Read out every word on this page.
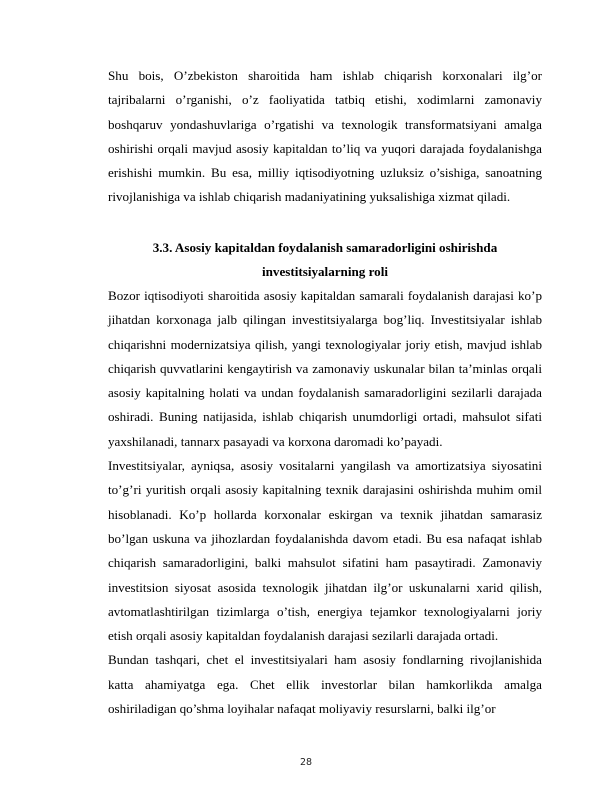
Shu bois, O’zbekiston sharoitida ham ishlab chiqarish korxonalari ilg’or tajribalarni o’rganishi, o’z faoliyatida tatbiq etishi, xodimlarni zamonaviy boshqaruv yondashuvlariga o’rgatishi va texnologik transformatsiyani amalga oshirishi orqali mavjud asosiy kapitaldan to’liq va yuqori darajada foydalanishga erishishi mumkin. Bu esa, milliy iqtisodiyotning uzluksiz o’sishiga, sanoatning rivojlanishiga va ishlab chiqarish madaniyatining yuksalishiga xizmat qiladi.

3.3. Asosiy kapitaldan foydalanish samaradorligini oshirishda
investitsiyalarning roli

Bozor iqtisodiyoti sharoitida asosiy kapitaldan samarali foydalanish darajasi ko’p jihatdan korxonaga jalb qilingan investitsiyalarga bog’liq. Investitsiyalar ishlab chiqarishni modernizatsiya qilish, yangi texnologiyalar joriy etish, mavjud ishlab chiqarish quvvatlarini kengaytirish va zamonaviy uskunalar bilan ta’minlas orqali asosiy kapitalning holati va undan foydalanish samaradorligini sezilarli darajada oshiradi. Buning natijasida, ishlab chiqarish unumdorligi ortadi, mahsulot sifati yaxshilanadi, tannarx pasayadi va korxona daromadi ko’payadi.

Investitsiyalar, ayniqsa, asosiy vositalarni yangilash va amortizatsiya siyosatini to’g’ri yuritish orqali asosiy kapitalning texnik darajasini oshirishda muhim omil hisoblanadi. Ko’p hollarda korxonalar eskirgan va texnik jihatdan samarasiz bo’lgan uskuna va jihozlardan foydalanishda davom etadi. Bu esa nafaqat ishlab chiqarish samaradorligini, balki mahsulot sifatini ham pasaytiradi. Zamonaviy investitsion siyosat asosida texnologik jihatdan ilg’or uskunalarni xarid qilish, avtomatlashtirilgan tizimlarga o’tish, energiya tejamkor texnologiyalarni joriy etish orqali asosiy kapitaldan foydalanish darajasi sezilarli darajada ortadi.

Bundan tashqari, chet el investitsiyalari ham asosiy fondlarning rivojlanishida katta ahamiyatga ega. Chet ellik investorlar bilan hamkorlikda amalga oshiriladigan qo’shma loyihalar nafaqat moliyaviy resurslarni, balki ilg’or

28
